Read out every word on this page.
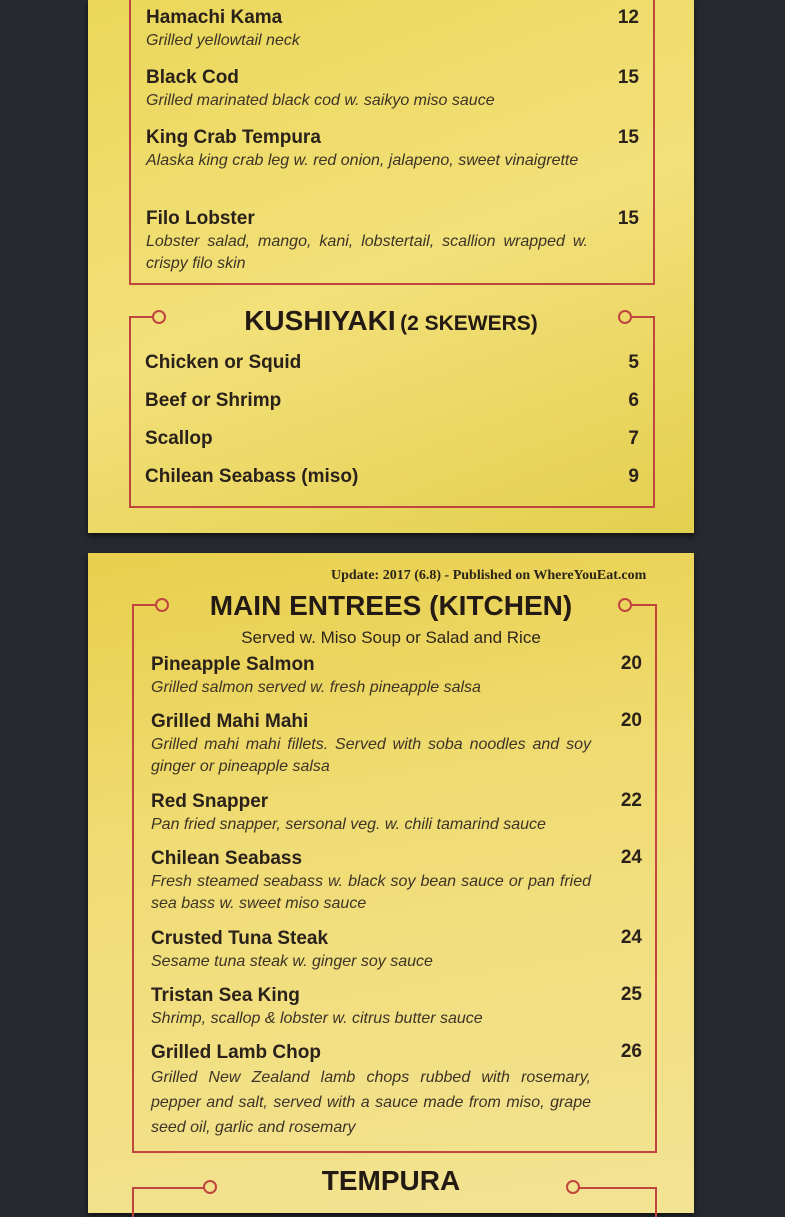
Hamachi Kama	12
Grilled yellowtail neck
Black Cod	15
Grilled marinated black cod w. saikyo miso sauce
King Crab Tempura	15
Alaska king crab leg w. red onion, jalapeno, sweet vinaigrette
Filo Lobster	15
Lobster salad, mango, kani, lobstertail, scallion wrapped w. crispy filo skin
KUSHIYAKI (2 SKEWERS)
Chicken or Squid	5
Beef or Shrimp	6
Scallop	7
Chilean Seabass (miso)	9
Update: 2017 (6.8) - Published on WhereYouEat.com
MAIN ENTREES (KITCHEN)
Served w. Miso Soup or Salad and Rice
Pineapple Salmon	20
Grilled salmon served w. fresh pineapple salsa
Grilled Mahi Mahi	20
Grilled mahi mahi fillets. Served with soba noodles and soy ginger or pineapple salsa
Red Snapper	22
Pan fried snapper, sersonal veg. w. chili tamarind sauce
Chilean Seabass	24
Fresh steamed seabass w. black soy bean sauce or pan fried sea bass w. sweet miso sauce
Crusted Tuna Steak	24
Sesame tuna steak w. ginger soy sauce
Tristan Sea King	25
Shrimp, scallop & lobster w. citrus butter sauce
Grilled Lamb Chop	26
Grilled New Zealand lamb chops rubbed with rosemary, pepper and salt, served with a sauce made from miso, grape seed oil, garlic and rosemary
TEMPURA
